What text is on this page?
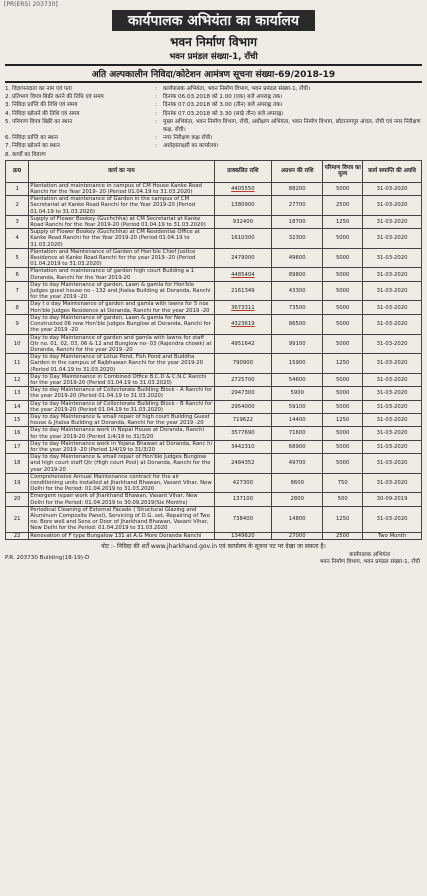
[PR(ERS) 203730]
कार्यपालक अभियंता का कार्यालय
भवन निर्माण विभाग
भवन प्रमंडल संख्या-1, राँची
अति अल्पकालीन निविदा/कोटेशन आमंत्रण सूचना संख्या-69/2018-19
1. विज्ञापनदाता का नाम एवं पता	:	कार्यपालक अभियंता, भवन निर्माण विभाग, भवन प्रमंडल संख्या-1, राँची।
2. प्रतिभाग विपत्र बिक्री करने की तिथि एवं समय	:	दिनांक 06.03.2018 को 1.00 (एक) बजे अपराह्न तक।
3. निविदा प्राप्ति की तिथि एवं समय	:	दिनांक 07.03.2018 को 3.00 (तीन) बजे अपराह्न तक।
4. निविदा खोलने की तिथि एवं समय	:	दिनांक 07.03.2018 को 3.30 (साढ़े तीन) बजे अपराह्न।
5. परिमाण विपत्र बिक्री का स्थान	:	मुख्य अभियंता, भवन निर्माण विभाग, राँची, अधीक्षण अभियंता, भवन निर्माण विभाग, छोटानागपुर अंचल, राँची एवं नगर निरीक्षण कक्ष, राँची।
6. निविदा प्राप्ति का स्थान	:	नगर निरीक्षण कक्ष राँची।
7. निविदा खोलने का स्थान	:	अधोहस्ताक्षरी का कार्यालय।
8. कार्यों का विवरण
क्र0	कार्य का नाम	प्राक्कलित राशि	अग्रधन की राशि	परिमाण विपत्र का मूल्य	कार्य समाप्ति की अवधि
1	Plantation and maintenance in campus of CM House Kanke Road Ranchi for the Year 2019- 20 (Period 01.04.19 to 31.03.2020)	4405550	88200	5000	31-03-2020
2	Plantation and maintenance of Garden in the campus of CM Secretariat at Kanke Road Ranchi for the Year 2019-20 (Period 01.04.19 to 31.03.2020)	1380900	27700	2500	31-03-2020
3	Supply of Flower Bookey (Guchchha) at CM Secretariat at Kanke Road Ranchi for the Year 2019-20 (Period 01.04.19 to 31.03.2020)	932400	18700	1250	31-03-2020
4	Supply of Flower Bookey (Guchchha) at CM Residential Office at Kanke Road Ranchi for the Year 2019-20 (Period 01.04.19 to 31.03.2020)	1610300	32300	5000	31-03-2020
5	Plantation and Maintenance of Garden of Hon'ble Chief Justice Residence at Kanke Road Ranchi for the year 2019 -20 (Period 01.04.2019 to 31.03.2020)	2479000	49600	5000	31-03-2020
6	Plantation and maintenance of garden high court Building a 1 Doranda, Ranchi for the Year 2019-20	4485404	89800	5000	31-03-2020
7	Day to day Maintenance of garden, Lawn & gamla for Hon'ble Judges guest house no - 132 and Jhalsa Building at Doranda, Ranchi for the year 2019 -20	2161349	43300	5000	31-03-2020
8	Day t o day Maintenance of garden and gamla with lawns for 5 nos Hon'ble Judges Residence at Doranda, Ranchi for the year 2019 -20	3673311	73500	5000	31-03-2020
9	Day to day Maintenance of garden, Lawn & gamla for New Constructed 06 now Hon'ble Judges Bunglow at Doranda, Ranchi for the year 2019 -20	4323619	86500	5000	31-03-2020
10	Day to day Maintenance of garden and gamla with lawns for staff Qtr no. 01, 02, 03, 06 & 12 and Bunglow no- 03 (Rajendra chowk) at Doranda, Ranchi for the year 2019 -20	4951642	99100	5000	31-03-2020
11	Day to day Maintenance of Lotus Pond, Fish Pond and Buddha Garden in the campus of Rajbhawan Ranchi for the year 2019-20 (Period 01.04.19 to 31.03.2020)	790900	15900	1250	31-03-2020
12	Day to Day Maintenance in Combined Office B.C.D & C.N.C Ranchi for the year 2019-20 (Period 01.04.19 to 31.03.2020)	2725700	54600	5000	31-03-2020
13	Day to day Maintenance of Collectorate Building Block - A Ranchi for the year 2019-20 (Period 01.04.19 to 31.03.2020)	2947300	5900	5000	31-03-2020
14	Day to day Maintenance of Collectorate Building Block - B Ranchi for the year 2019-20 (Period 01.04.19 to 31.03.2020)	2954000	59100	5000	31-03-2020
15	Day to day Maintenance & small repair of high court Building Guest house & Jhalsa Building at Doranda, Ranchi for the year 2019 -20	719622	14400	1250	31-03-2020
16	Day to day Maintenance work in Nepal House at Doranda, Ranchi for the year 2019-20 (Period 1/4/19 to 31/3/20	3577690	71600	5000	31-03-2020
17	Day to day Maintenance work in Yojana Bhawan at Doranda, Ranc hi for the year 2019 -20 (Period 1/4/19 to 31/3/20	3442310	68900	5000	31-03-2020
18	Day to day Maintenance & small repair of Hon'ble Judges Bunglow and high court staff Qtr (High court Pool) at Doranda, Ranchi for the year 2019-20	2484352	49700	5000	31-03-2020
19	Comprehensive Annual Maintenance contract for the air conditioning units installed at Jharkhand Bhawan, Vasant Vihar, New Delhi for the Period: 01.04.2019 to 31.03.2020	427300	8600	750	31-03-2020
20	Emergent repair work of Jharkhand Bhawan, Vasant Vihar, New Delhi for the Period: 01.04.2019 to 30.09.2019(Six Months)	137100	2800	500	30-09-2019
21	Periodical Cleaning of External Facade ( Structural Glazing and Aluminum Composite Panel), Servicing of D.G. set, Repairing of Two no. Bore well and Sens or Door of Jharkhand Bhawan, Vasant Vihar, New Delhi for the Period: 01.04.2019 to 31.03.2020	738400	14800	1250	31-03-2020
22	Renovation of F type Bungalow 131 at A.G More Doranda Ranchi	1349620	27000	2500	Two Month
नोट :- निविदा की शर्तें www.jharkhand.gov.in एवं कार्यालय के सूचना पट पर देखा जा सकता है।
P.R. 203730 Building(18-19)-D	कार्यपालक अभियंता
भवन निर्माण विभाग, भवन प्रमंडल संख्या-1, राँची
